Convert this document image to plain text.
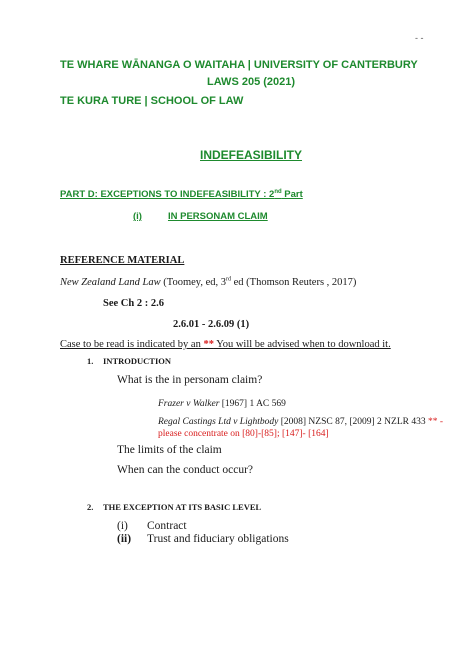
- -
TE WHARE WĀNANGA O WAITAHA | UNIVERSITY OF CANTERBURY
LAWS 205 (2021)
TE KURA TURE | SCHOOL OF LAW
INDEFEASIBILITY
PART D: EXCEPTIONS TO INDEFEASIBILITY : 2nd Part
(i)	IN PERSONAM CLAIM
REFERENCE MATERIAL
New Zealand Land Law (Toomey, ed, 3rd ed (Thomson Reuters , 2017)
See Ch 2 : 2.6
2.6.01 - 2.6.09 (1)
Case to be read is indicated by an ** You will be advised when to download it.
1. INTRODUCTION
What is the in personam claim?
Frazer v Walker [1967] 1 AC 569
Regal Castings Ltd v Lightbody [2008] NZSC 87, [2009] 2 NZLR 433 ** -
please concentrate on [80]-[85]; [147]- [164]
The limits of the claim
When can the conduct occur?
2. THE EXCEPTION AT ITS BASIC LEVEL
(i) Contract
(ii) Trust and fiduciary obligations
